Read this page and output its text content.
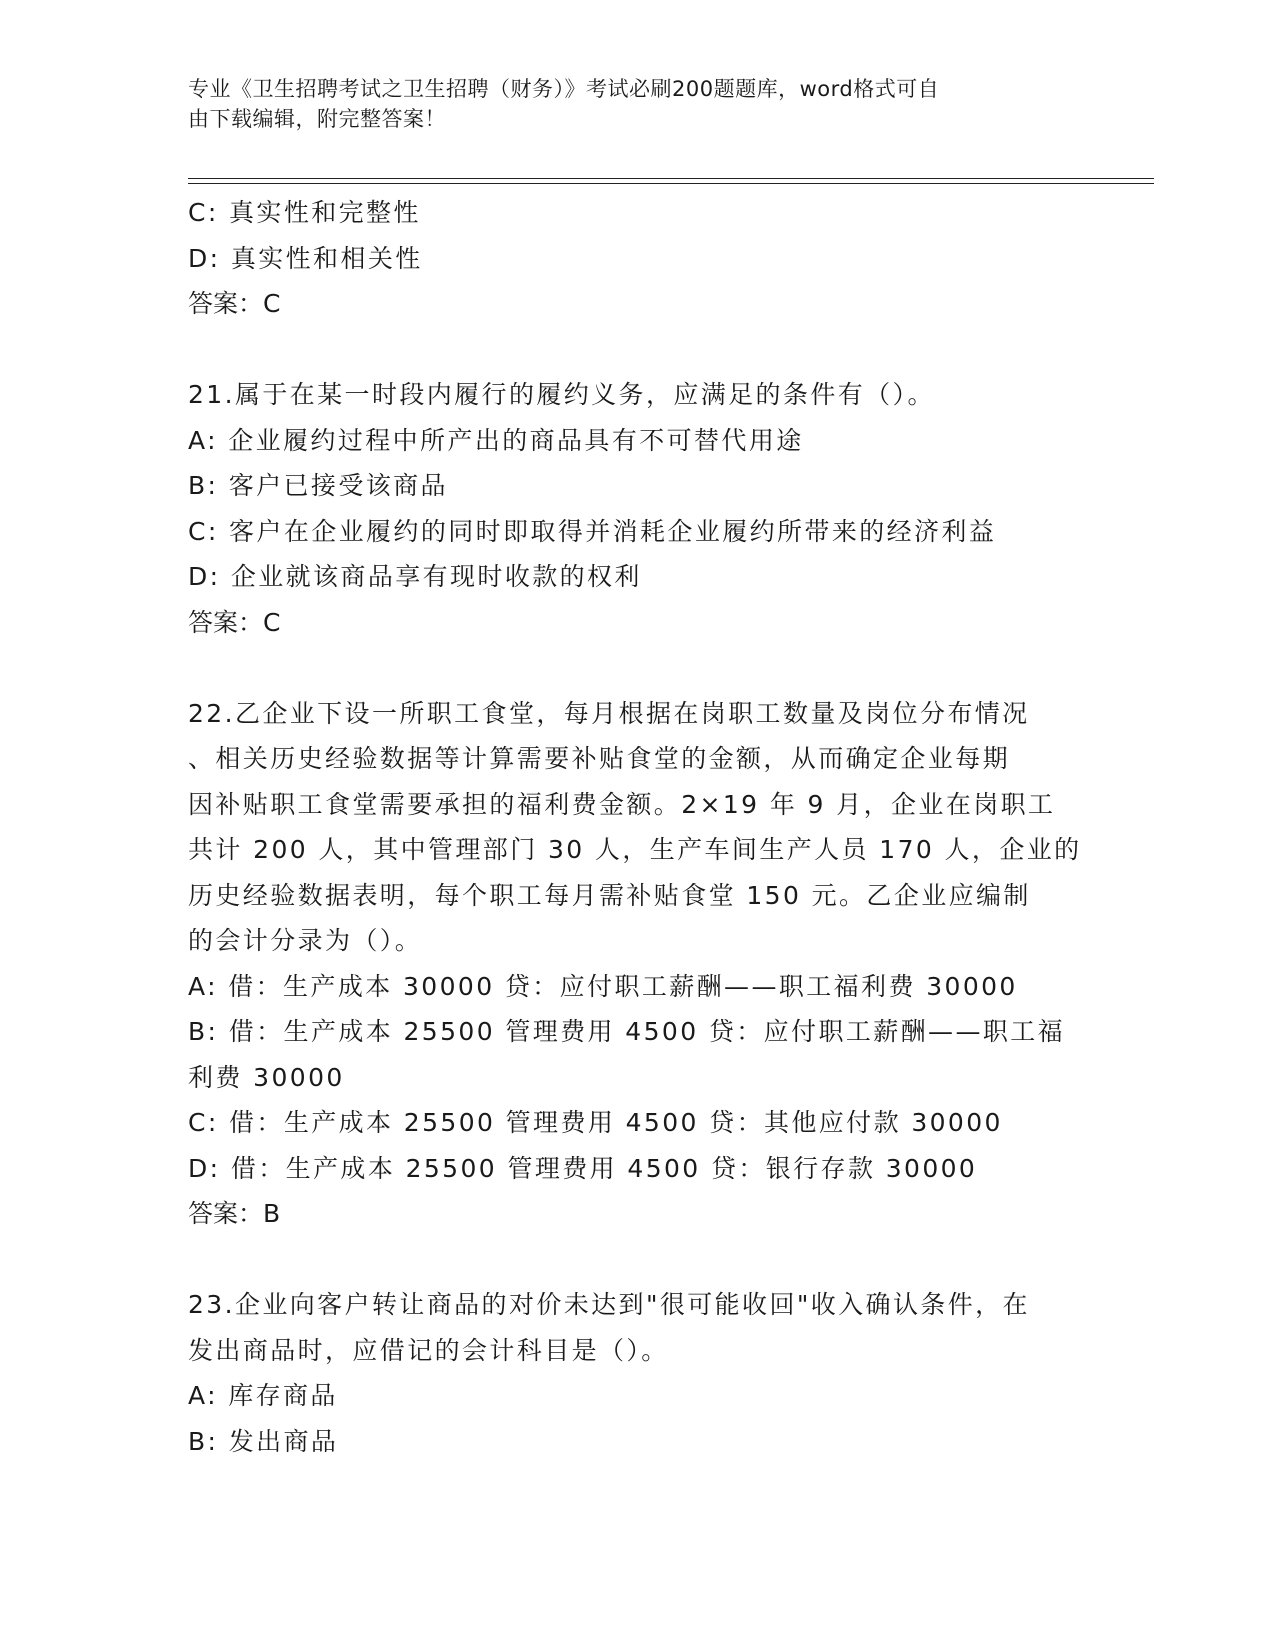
专业《卫生招聘考试之卫生招聘（财务）》考试必刷200题题库，word格式可自
由下载编辑，附完整答案！
C: 真实性和完整性
D: 真实性和相关性
答案：C
21.属于在某一时段内履行的履约义务，应满足的条件有（）。
A: 企业履约过程中所产出的商品具有不可替代用途
B: 客户已接受该商品
C: 客户在企业履约的同时即取得并消耗企业履约所带来的经济利益
D: 企业就该商品享有现时收款的权利
答案：C
22.乙企业下设一所职工食堂，每月根据在岗职工数量及岗位分布情况
、相关历史经验数据等计算需要补贴食堂的金额，从而确定企业每期
因补贴职工食堂需要承担的福利费金额。2×19 年 9 月，企业在岗职工
共计 200 人，其中管理部门 30 人，生产车间生产人员 170 人，企业的
历史经验数据表明，每个职工每月需补贴食堂 150 元。乙企业应编制
的会计分录为（）。
A: 借：生产成本 30000 贷：应付职工薪酬——职工福利费 30000
B: 借：生产成本 25500 管理费用 4500 贷：应付职工薪酬——职工福
利费 30000
C: 借：生产成本 25500 管理费用 4500 贷：其他应付款 30000
D: 借：生产成本 25500 管理费用 4500 贷：银行存款 30000
答案：B
23.企业向客户转让商品的对价未达到"很可能收回"收入确认条件，在
发出商品时，应借记的会计科目是（）。
A: 库存商品
B: 发出商品
